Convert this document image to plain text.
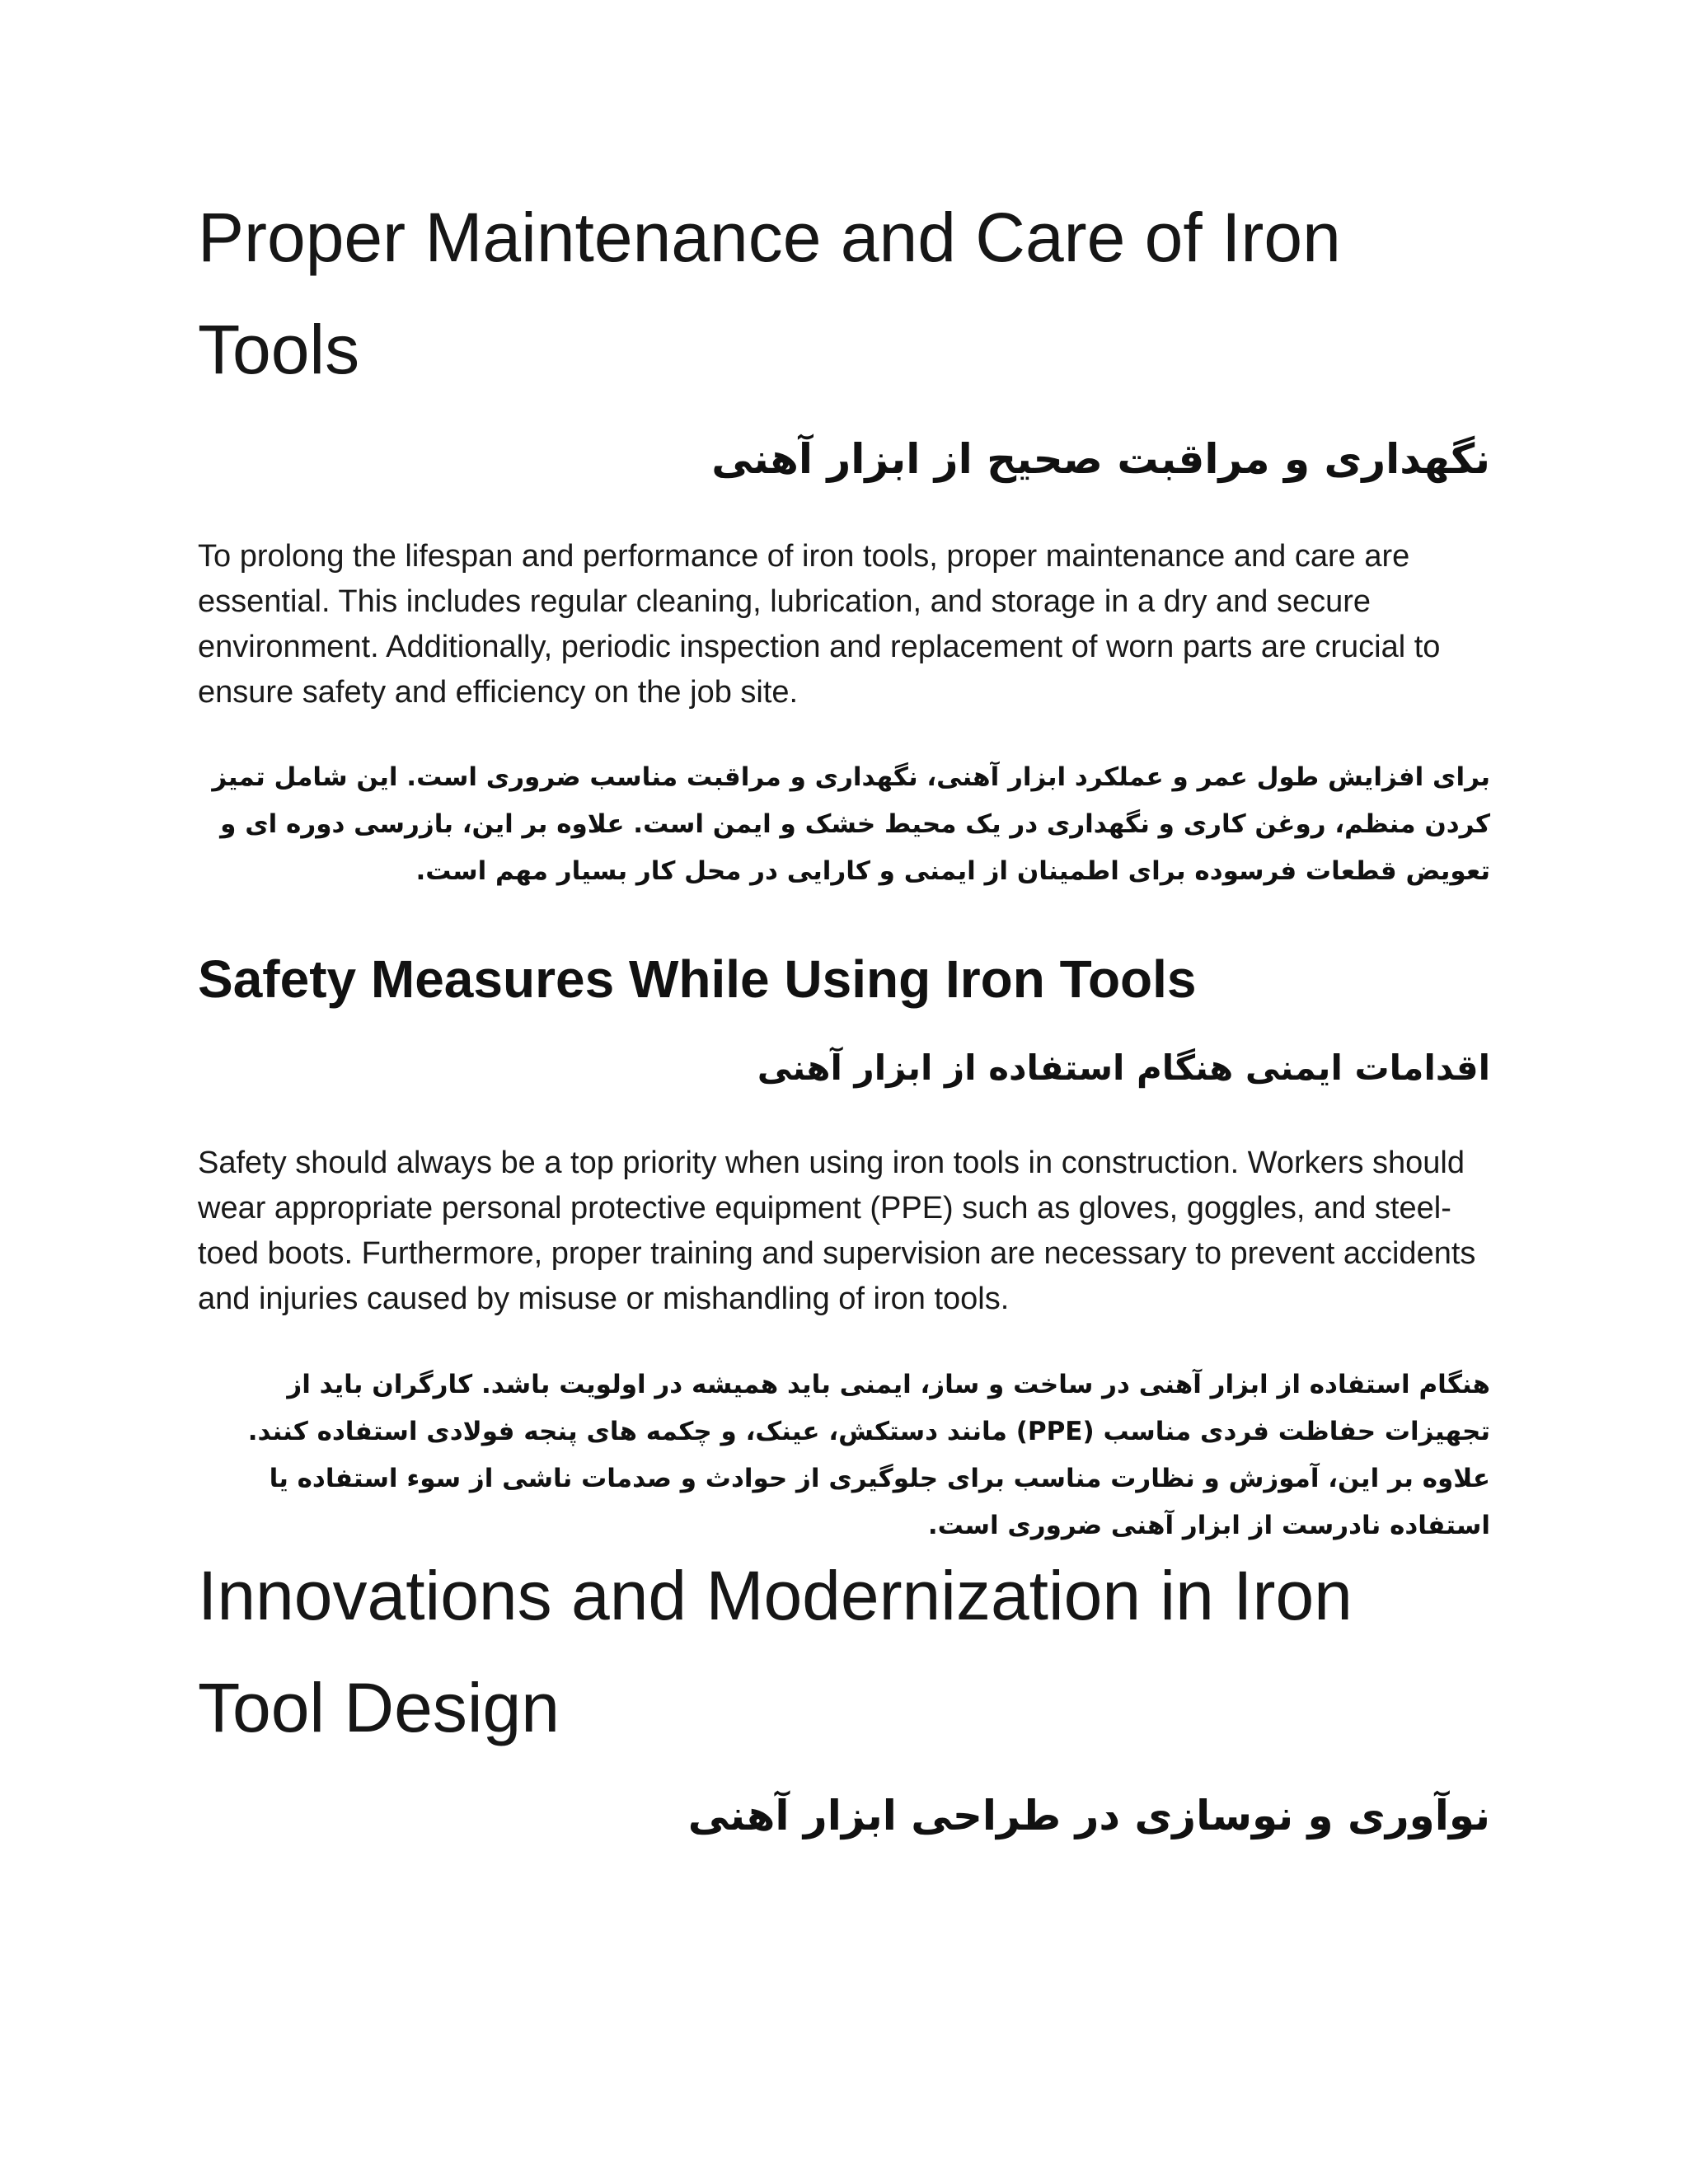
Proper Maintenance and Care of Iron Tools
نگهداری و مراقبت صحیح از ابزار آهنی

To prolong the lifespan and performance of iron tools, proper maintenance and care are essential. This includes regular cleaning, lubrication, and storage in a dry and secure environment. Additionally, periodic inspection and replacement of worn parts are crucial to ensure safety and efficiency on the job site.

برای افزایش طول عمر و عملکرد ابزار آهنی، نگهداری و مراقبت مناسب ضروری است. این شامل تمیز کردن منظم، روغن کاری و نگهداری در یک محیط خشک و ایمن است. علاوه بر این، بازرسی دوره ای و تعویض قطعات فرسوده برای اطمینان از ایمنی و کارایی در محل کار بسیار مهم است.

Safety Measures While Using Iron Tools
اقدامات ایمنی هنگام استفاده از ابزار آهنی

Safety should always be a top priority when using iron tools in construction. Workers should wear appropriate personal protective equipment (PPE) such as gloves, goggles, and steel-toed boots. Furthermore, proper training and supervision are necessary to prevent accidents and injuries caused by misuse or mishandling of iron tools.

هنگام استفاده از ابزار آهنی در ساخت و ساز، ایمنی باید همیشه در اولویت باشد. کارگران باید از تجهیزات حفاظت فردی مناسب (PPE) مانند دستکش، عینک، و چکمه های پنجه فولادی استفاده کنند. علاوه بر این، آموزش و نظارت مناسب برای جلوگیری از حوادث و صدمات ناشی از سوء استفاده یا استفاده نادرست از ابزار آهنی ضروری است.

Innovations and Modernization in Iron Tool Design
نوآوری و نوسازی در طراحی ابزار آهنی
